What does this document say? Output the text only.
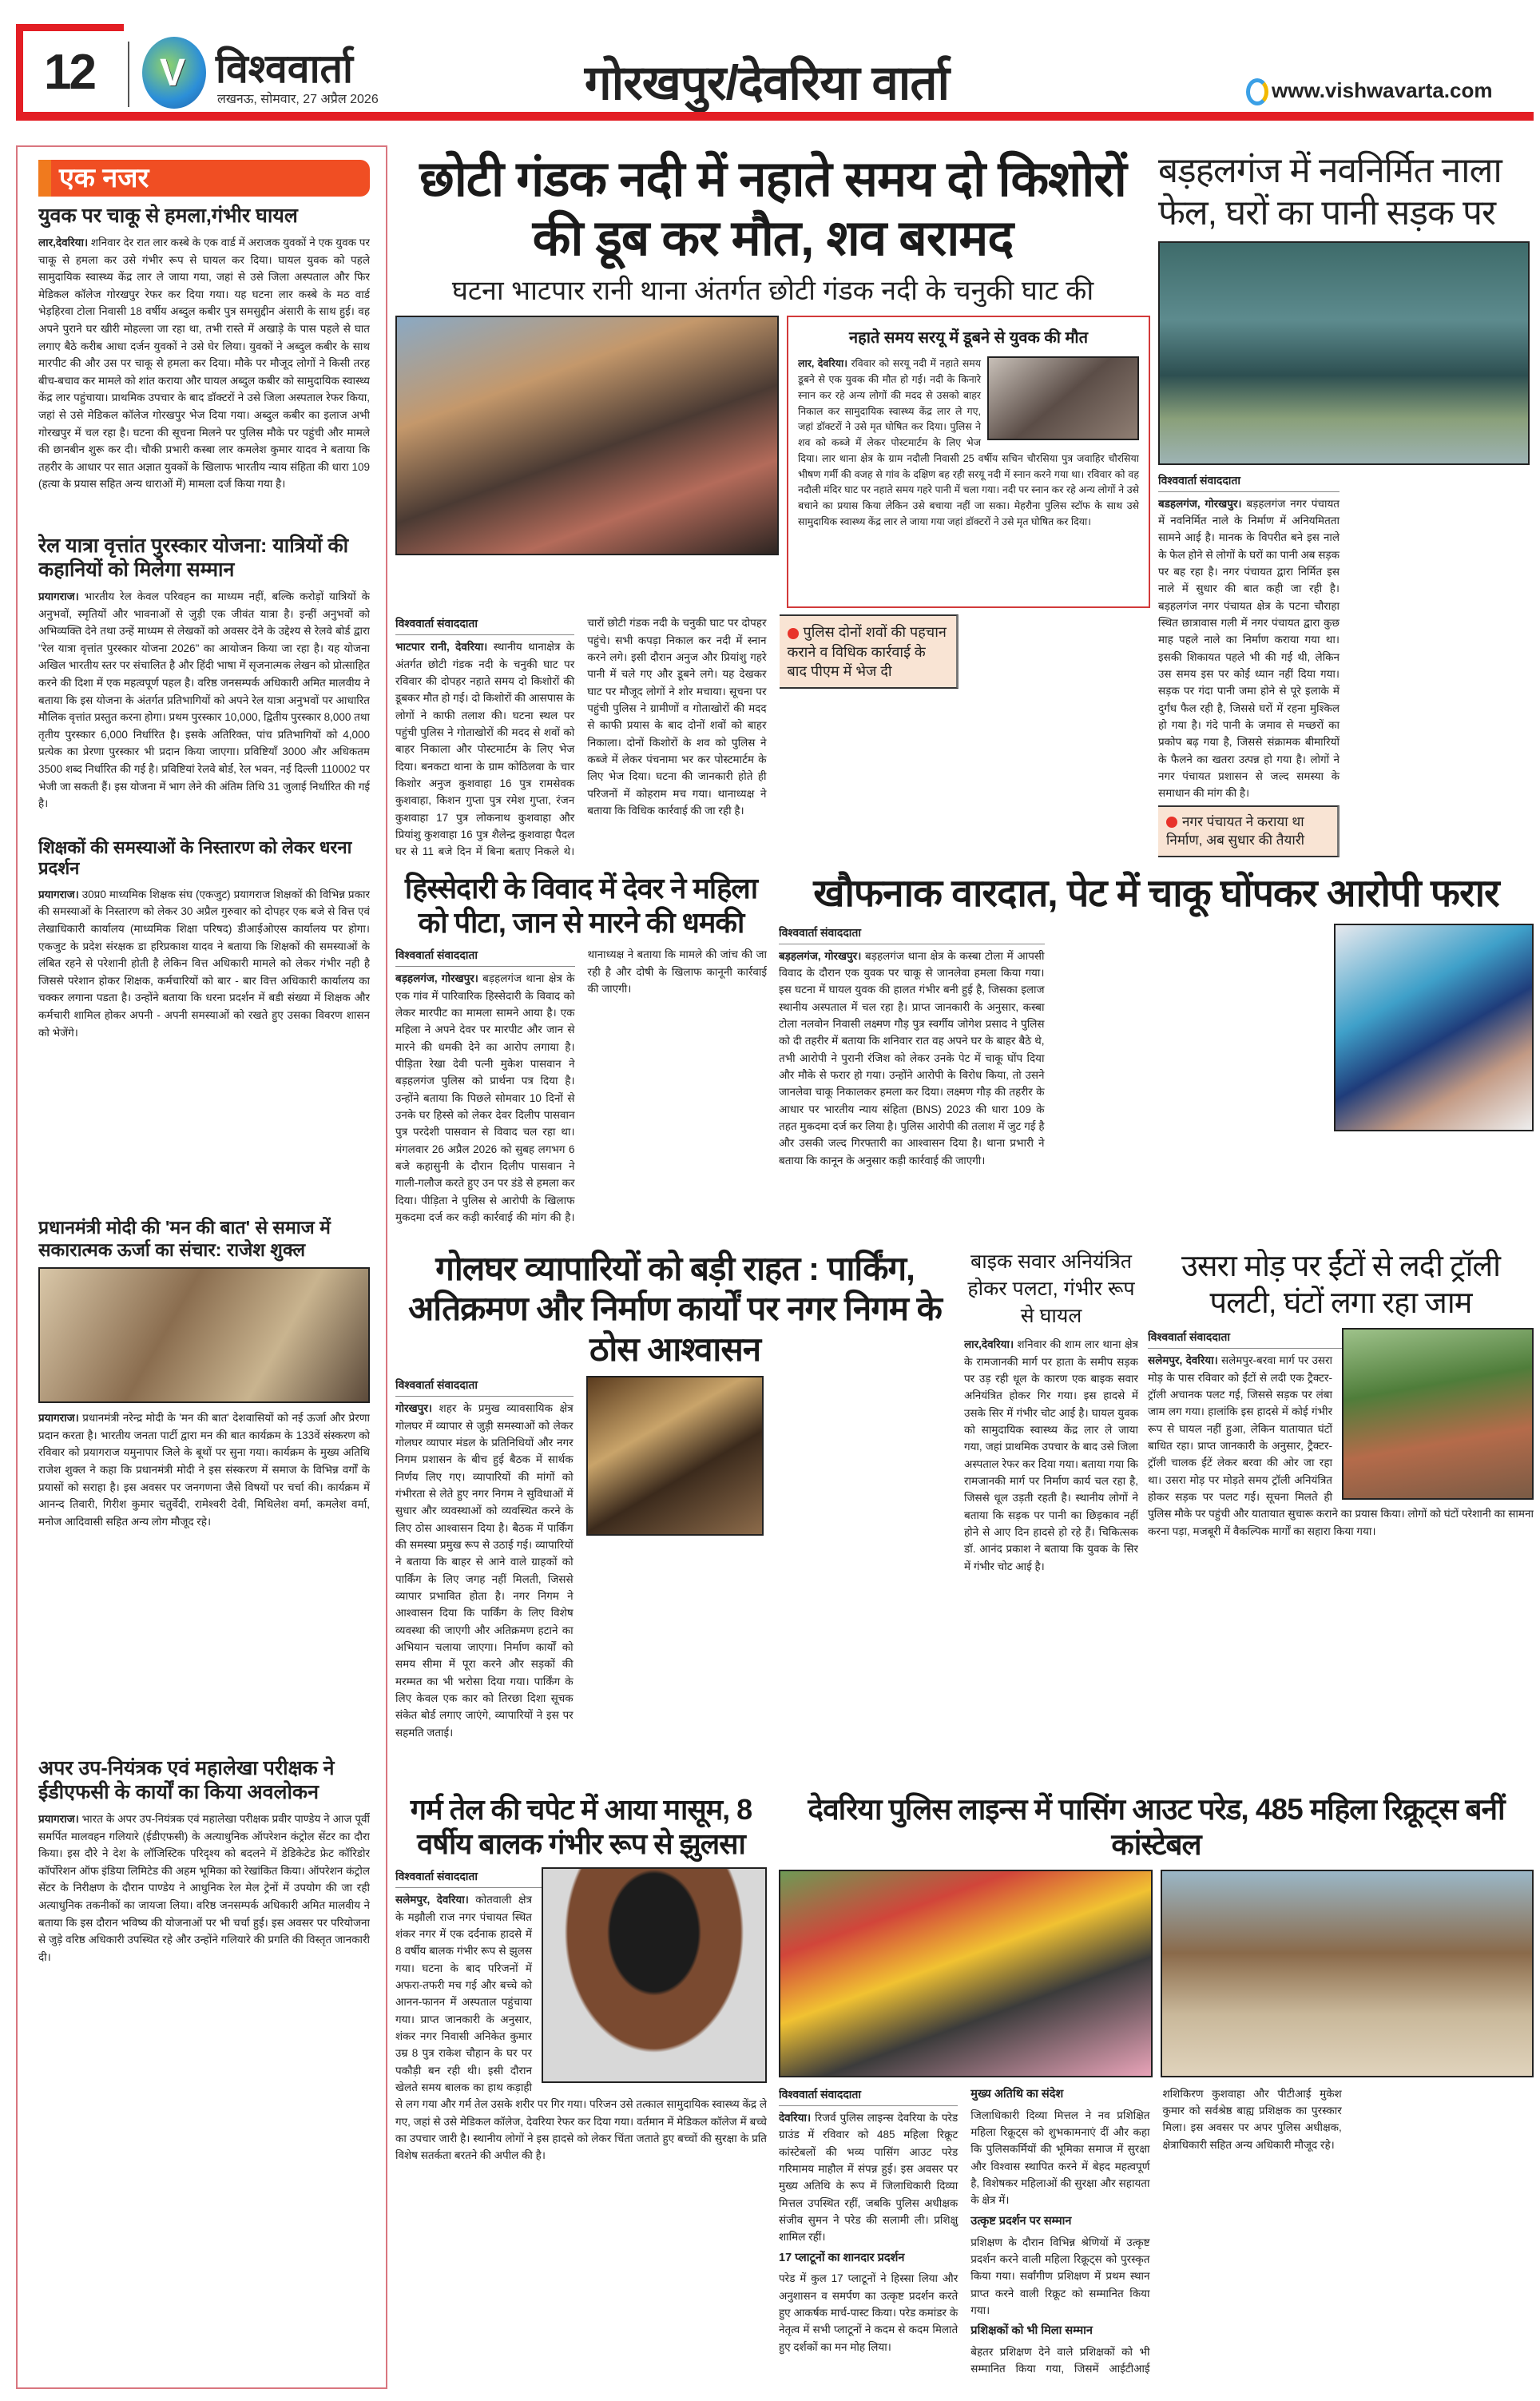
12 V विश्ववार्ता
लखनऊ, सोमवार, 27 अप्रैल 2026	गोरखपुर/देवरिया वार्ता	www.vishwavarta.com
एक नजर
युवक पर चाकू से हमला,गंभीर घायल
लार,देवरिया। शनिवार देर रात लार कस्बे के एक वार्ड में अराजक युवकों ने एक युवक पर चाकू से हमला कर उसे गंभीर रूप से घायल कर दिया। घायल युवक को पहले सामुदायिक स्वास्थ्य केंद्र लार ले जाया गया, जहां से उसे जिला अस्पताल और फिर मेडिकल कॉलेज गोरखपुर रेफर कर दिया गया। यह घटना लार कस्बे के मठ वार्ड भेड़हिरवा टोला निवासी 18 वर्षीय अब्दुल कबीर पुत्र समसुद्दीन अंसारी के साथ हुई। वह अपने पुराने घर खीरी मोहल्ला जा रहा था, तभी रास्ते में अखाड़े के पास पहले से घात लगाए बैठे करीब आधा दर्जन युवकों ने उसे घेर लिया। युवकों ने अब्दुल कबीर के साथ मारपीट की और उस पर चाकू से हमला कर दिया। मौके पर मौजूद लोगों ने किसी तरह बीच-बचाव कर मामले को शांत कराया और घायल अब्दुल कबीर को सामुदायिक स्वास्थ्य केंद्र लार पहुंचाया। प्राथमिक उपचार के बाद डॉक्टरों ने उसे जिला अस्पताल रेफर किया, जहां से उसे मेडिकल कॉलेज गोरखपुर भेज दिया गया। अब्दुल कबीर का इलाज अभी गोरखपुर में चल रहा है। घटना की सूचना मिलने पर पुलिस मौके पर पहुंची और मामले की छानबीन शुरू कर दी। चौकी प्रभारी कस्बा लार कमलेश कुमार यादव ने बताया कि तहरीर के आधार पर सात अज्ञात युवकों के खिलाफ भारतीय न्याय संहिता की धारा 109 (हत्या के प्रयास सहित अन्य धाराओं में) मामला दर्ज किया गया है।
रेल यात्रा वृत्तांत पुरस्कार योजना: यात्रियों की कहानियों को मिलेगा सम्मान
प्रयागराज। भारतीय रेल केवल परिवहन का माध्यम नहीं, बल्कि करोड़ों यात्रियों के अनुभवों, स्मृतियों और भावनाओं से जुड़ी एक जीवंत यात्रा है। इन्हीं अनुभवों को अभिव्यक्ति देने तथा उन्हें माध्यम से लेखकों को अवसर देने के उद्देश्य से रेलवे बोर्ड द्वारा "रेल यात्रा वृत्तांत पुरस्कार योजना 2026" का आयोजन किया जा रहा है। यह योजना अखिल भारतीय स्तर पर संचालित है और हिंदी भाषा में सृजनात्मक लेखन को प्रोत्साहित करने की दिशा में एक महत्वपूर्ण पहल है। वरिष्ठ जनसम्पर्क अधिकारी अमित मालवीय ने बताया कि इस योजना के अंतर्गत प्रतिभागियों को अपने रेल यात्रा अनुभवों पर आधारित मौलिक वृत्तांत प्रस्तुत करना होगा। प्रथम पुरस्कार 10,000, द्वितीय पुरस्कार 8,000 तथा तृतीय पुरस्कार 6,000 निर्धारित है। इसके अतिरिक्त, पांच प्रतिभागियों को 4,000 प्रत्येक का प्रेरणा पुरस्कार भी प्रदान किया जाएगा। प्रविष्टियाँ 3000 और अधिकतम 3500 शब्द निर्धारित की गई है। प्रविष्टियां रेलवे बोर्ड, रेल भवन, नई दिल्ली 110002 पर भेजी जा सकती हैं। इस योजना में भाग लेने की अंतिम तिथि 31 जुलाई निर्धारित की गई है।
शिक्षकों की समस्याओं के निस्तारण को लेकर धरना प्रदर्शन
प्रयागराज। उ0प्र0 माध्यमिक शिक्षक संघ (एकजुट) प्रयागराज शिक्षकों की विभिन्न प्रकार की समस्याओं के निस्तारण को लेकर 30 अप्रैल गुरुवार को दोपहर एक बजे से वित्त एवं लेखाधिकारी कार्यालय (माध्यमिक शिक्षा परिषद) डीआईओएस कार्यालय पर होगा। एकजुट के प्रदेश संरक्षक डा हरिप्रकाश यादव ने बताया कि शिक्षकों की समस्याओं के लंबित रहने से परेशानी होती है लेकिन वित्त अधिकारी मामले को लेकर गंभीर नही है जिससे परेशान होकर शिक्षक, कर्मचारियों को बार - बार वित्त अधिकारी कार्यालय का चक्कर लगाना पडता है। उन्होंने बताया कि धरना प्रदर्शन में बडी संख्या में शिक्षक और कर्मचारी शामिल होकर अपनी - अपनी समस्याओं को रखते हुए उसका विवरण शासन को भेजेंगे।
प्रधानमंत्री मोदी की 'मन की बात' से समाज में सकारात्मक ऊर्जा का संचार: राजेश शुक्ल
प्रयागराज। प्रधानमंत्री नरेन्द्र मोदी के 'मन की बात' देशवासियों को नई ऊर्जा और प्रेरणा प्रदान करता है। भारतीय जनता पार्टी द्वारा मन की बात कार्यक्रम के 133वें संस्करण को रविवार को प्रयागराज यमुनापार जिले के बूथों पर सुना गया। कार्यक्रम के मुख्य अतिथि राजेश शुक्ल ने कहा कि प्रधानमंत्री मोदी ने इस संस्करण में समाज के विभिन्न वर्गों के प्रयासों को सराहा है। इस अवसर पर जनगणना जैसे विषयों पर चर्चा की। कार्यक्रम में आनन्द तिवारी, गिरीश कुमार चतुर्वेदी, रामेश्वरी देवी, मिथिलेश वर्मा, कमलेश वर्मा, मनोज आदिवासी सहित अन्य लोग मौजूद रहे।
अपर उप-नियंत्रक एवं महालेखा परीक्षक ने ईडीएफसी के कार्यों का किया अवलोकन
प्रयागराज। भारत के अपर उप-नियंत्रक एवं महालेखा परीक्षक प्रवीर पाण्डेय ने आज पूर्वी समर्पित मालवहन गलियारे (ईडीएफसी) के अत्याधुनिक ऑपरेशन कंट्रोल सेंटर का दौरा किया। इस दौरे ने देश के लॉजिस्टिक परिदृश्य को बदलने में डेडिकेटेड फ्रेट कॉरिडोर कॉर्पोरेशन ऑफ इंडिया लिमिटेड की अहम भूमिका को रेखांकित किया। ऑपरेशन कंट्रोल सेंटर के निरीक्षण के दौरान पाण्डेय ने आधुनिक रेल मेल ट्रेनों में उपयोग की जा रही अत्याधुनिक तकनीकों का जायजा लिया। वरिष्ठ जनसम्पर्क अधिकारी अमित मालवीय ने बताया कि इस दौरान भविष्य की योजनाओं पर भी चर्चा हुई। इस अवसर पर परियोजना से जुड़े वरिष्ठ अधिकारी उपस्थित रहे और उन्होंने गलियारे की प्रगति की विस्तृत जानकारी दी।
छोटी गंडक नदी में नहाते समय दो किशोरों की डूब कर मौत, शव बरामद
घटना भाटपार रानी थाना अंतर्गत छोटी गंडक नदी के चनुकी घाट की
नहाते समय सरयू में डूबने से युवक की मौत
लार, देवरिया। रविवार को सरयू नदी में नहाते समय डूबने से एक युवक की मौत हो गई। नदी के किनारे स्नान कर रहे अन्य लोगों की मदद से उसको बाहर निकाल कर सामुदायिक स्वास्थ्य केंद्र लार ले गए, जहां डॉक्टरों ने उसे मृत घोषित कर दिया। पुलिस ने शव को कब्जे में लेकर पोस्टमार्टम के लिए भेज दिया। लार थाना क्षेत्र के ग्राम नदौली निवासी 25 वर्षीय सचिन चौरसिया पुत्र जवाहिर चौरसिया भीषण गर्मी की वजह से गांव के दक्षिण बह रही सरयू नदी में स्नान करने गया था। रविवार को वह नदौली मंदिर घाट पर नहाते समय गहरे पानी में चला गया। नदी पर स्नान कर रहे अन्य लोगों ने उसे बचाने का प्रयास किया लेकिन उसे बचाया नहीं जा सका। मेहरौना पुलिस स्टॉफ के साथ उसे सामुदायिक स्वास्थ्य केंद्र लार ले जाया गया जहां डॉक्टरों ने उसे मृत घोषित कर दिया।
विश्ववार्ता संवाददाता
भाटपार रानी, देवरिया। स्थानीय थानाक्षेत्र के अंतर्गत छोटी गंडक नदी के चनुकी घाट पर रविवार की दोपहर नहाते समय दो किशोरों की डूबकर मौत हो गई। दो किशोरों की आसपास के लोगों ने काफी तलाश की। घटना स्थल पर पहुंची पुलिस ने गोताखोरों की मदद से शवों को बाहर निकाला और पोस्टमार्टम के लिए भेज दिया। बनकटा थाना के ग्राम कोठिलवा के चार किशोर अनुज कुशवाहा 16 पुत्र रामसेवक कुशवाहा, किशन गुप्ता पुत्र रमेश गुप्ता, रंजन कुशवाहा 17 पुत्र लोकनाथ कुशवाहा और प्रियांशु कुशवाहा 16 पुत्र शैलेन्द्र कुशवाहा पैदल घर से 11 बजे दिन में बिना बताए निकले थे। चारों छोटी गंडक नदी के चनुकी घाट पर दोपहर पहुंचे। सभी कपड़ा निकाल कर नदी में स्नान करने लगे। इसी दौरान अनुज और प्रियांशु गहरे पानी में चले गए और डूबने लगे। यह देखकर घाट पर मौजूद लोगों ने शोर मचाया। सूचना पर पहुंची पुलिस ने ग्रामीणों व गोताखोरों की मदद से काफी प्रयास के बाद दोनों शवों को बाहर निकाला। दोनों किशोरों के शव को पुलिस ने कब्जे में लेकर पंचनामा भर कर पोस्टमार्टम के लिए भेज दिया। घटना की जानकारी होते ही परिजनों में कोहराम मच गया। थानाध्यक्ष ने बताया कि विधिक कार्रवाई की जा रही है।
पुलिस दोनों शवों की पहचान कराने व विधिक कार्रवाई के बाद पीएम में भेज दी
बड़हलगंज में नवनिर्मित नाला फेल, घरों का पानी सड़क पर
विश्ववार्ता संवाददाता
बडहलगंज, गोरखपुर। बड़हलगंज नगर पंचायत में नवनिर्मित नाले के निर्माण में अनियमितता सामने आई है। मानक के विपरीत बने इस नाले के फेल होने से लोगों के घरों का पानी अब सड़क पर बह रहा है। नगर पंचायत द्वारा निर्मित इस नाले में सुधार की बात कही जा रही है। बड़हलगंज नगर पंचायत क्षेत्र के पटना चौराहा स्थित छात्रावास गली में नगर पंचायत द्वारा कुछ माह पहले नाले का निर्माण कराया गया था। इसकी शिकायत पहले भी की गई थी, लेकिन उस समय इस पर कोई ध्यान नहीं दिया गया। सड़क पर गंदा पानी जमा होने से पूरे इलाके में दुर्गंध फैल रही है, जिससे घरों में रहना मुश्किल हो गया है। गंदे पानी के जमाव से मच्छरों का प्रकोप बढ़ गया है, जिससे संक्रामक बीमारियों के फैलने का खतरा उत्पन्न हो गया है। लोगों ने नगर पंचायत प्रशासन से जल्द समस्या के समाधान की मांग की है।
नगर पंचायत ने कराया था निर्माण, अब सुधार की तैयारी
हिस्सेदारी के विवाद में देवर ने महिला को पीटा, जान से मारने की धमकी
विश्ववार्ता संवाददाता
बड़हलगंज, गोरखपुर। बड़हलगंज थाना क्षेत्र के एक गांव में पारिवारिक हिस्सेदारी के विवाद को लेकर मारपीट का मामला सामने आया है। एक महिला ने अपने देवर पर मारपीट और जान से मारने की धमकी देने का आरोप लगाया है। पीड़िता रेखा देवी पत्नी मुकेश पासवान ने बड़हलगंज पुलिस को प्रार्थना पत्र दिया है। उन्होंने बताया कि पिछले सोमवार 10 दिनों से उनके घर हिस्से को लेकर देवर दिलीप पासवान पुत्र परदेशी पासवान से विवाद चल रहा था। मंगलवार 26 अप्रैल 2026 को सुबह लगभग 6 बजे कहासुनी के दौरान दिलीप पासवान ने गाली-गलौज करते हुए उन पर डंडे से हमला कर दिया। पीड़िता ने पुलिस से आरोपी के खिलाफ मुकदमा दर्ज कर कड़ी कार्रवाई की मांग की है। थानाध्यक्ष ने बताया कि मामले की जांच की जा रही है और दोषी के खिलाफ कानूनी कार्रवाई की जाएगी।
खौफनाक वारदात, पेट में चाकू घोंपकर आरोपी फरार
विश्ववार्ता संवाददाता
बड़हलगंज, गोरखपुर। बड़हलगंज थाना क्षेत्र के कस्बा टोला में आपसी विवाद के दौरान एक युवक पर चाकू से जानलेवा हमला किया गया। इस घटना में घायल युवक की हालत गंभीर बनी हुई है, जिसका इलाज स्थानीय अस्पताल में चल रहा है। प्राप्त जानकारी के अनुसार, कस्बा टोला नलवोन निवासी लक्ष्मण गौड़ पुत्र स्वर्गीय जोगेश प्रसाद ने पुलिस को दी तहरीर में बताया कि शनिवार रात वह अपने घर के बाहर बैठे थे, तभी आरोपी ने पुरानी रंजिश को लेकर उनके पेट में चाकू घोंप दिया और मौके से फरार हो गया। उन्होंने आरोपी के विरोध किया, तो उसने जानलेवा चाकू निकालकर हमला कर दिया। लक्ष्मण गौड़ की तहरीर के आधार पर भारतीय न्याय संहिता (BNS) 2023 की धारा 109 के तहत मुकदमा दर्ज कर लिया है। पुलिस आरोपी की तलाश में जुट गई है और उसकी जल्द गिरफ्तारी का आश्वासन दिया है। थाना प्रभारी ने बताया कि कानून के अनुसार कड़ी कार्रवाई की जाएगी।
गोलघर व्यापारियों को बड़ी राहत : पार्किंग, अतिक्रमण और निर्माण कार्यों पर नगर निगम के ठोस आश्वासन
विश्ववार्ता संवाददाता
गोरखपुर। शहर के प्रमुख व्यावसायिक क्षेत्र गोलघर में व्यापार से जुड़ी समस्याओं को लेकर गोलघर व्यापार मंडल के प्रतिनिधियों और नगर निगम प्रशासन के बीच हुई बैठक में सार्थक निर्णय लिए गए। व्यापारियों की मांगों को गंभीरता से लेते हुए नगर निगम ने सुविधाओं में सुधार और व्यवस्थाओं को व्यवस्थित करने के लिए ठोस आश्वासन दिया है। बैठक में पार्किंग की समस्या प्रमुख रूप से उठाई गई। व्यापारियों ने बताया कि बाहर से आने वाले ग्राहकों को पार्किंग के लिए जगह नहीं मिलती, जिससे व्यापार प्रभावित होता है। नगर निगम ने आश्वासन दिया कि पार्किंग के लिए विशेष व्यवस्था की जाएगी और अतिक्रमण हटाने का अभियान चलाया जाएगा। निर्माण कार्यों को समय सीमा में पूरा करने और सड़कों की मरम्मत का भी भरोसा दिया गया। पार्किंग के लिए केवल एक कार को तिरछा दिशा सूचक संकेत बोर्ड लगाए जाएंगे, व्यापारियों ने इस पर सहमति जताई।
बाइक सवार अनियंत्रित होकर पलटा, गंभीर रूप से घायल
लार,देवरिया। शनिवार की शाम लार थाना क्षेत्र के रामजानकी मार्ग पर हाता के समीप सड़क पर उड़ रही धूल के कारण एक बाइक सवार अनियंत्रित होकर गिर गया। इस हादसे में उसके सिर में गंभीर चोट आई है। घायल युवक को सामुदायिक स्वास्थ्य केंद्र लार ले जाया गया, जहां प्राथमिक उपचार के बाद उसे जिला अस्पताल रेफर कर दिया गया। बताया गया कि रामजानकी मार्ग पर निर्माण कार्य चल रहा है, जिससे धूल उड़ती रहती है। स्थानीय लोगों ने बताया कि सड़क पर पानी का छिड़काव नहीं होने से आए दिन हादसे हो रहे हैं। चिकित्सक डॉ. आनंद प्रकाश ने बताया कि युवक के सिर में गंभीर चोट आई है।
उसरा मोड़ पर ईंटों से लदी ट्रॉली पलटी, घंटों लगा रहा जाम
विश्ववार्ता संवाददाता
सलेमपुर, देवरिया। सलेमपुर-बरवा मार्ग पर उसरा मोड़ के पास रविवार को ईंटों से लदी एक ट्रैक्टर-ट्रॉली अचानक पलट गई, जिससे सड़क पर लंबा जाम लग गया। हालांकि इस हादसे में कोई गंभीर रूप से घायल नहीं हुआ, लेकिन यातायात घंटों बाधित रहा। प्राप्त जानकारी के अनुसार, ट्रैक्टर-ट्रॉली चालक ईंटें लेकर बरवा की ओर जा रहा था। उसरा मोड़ पर मोड़ते समय ट्रॉली अनियंत्रित होकर सड़क पर पलट गई। सूचना मिलते ही पुलिस मौके पर पहुंची और यातायात सुचारू कराने का प्रयास किया। लोगों को घंटों परेशानी का सामना करना पड़ा, मजबूरी में वैकल्पिक मार्गों का सहारा किया गया।
गर्म तेल की चपेट में आया मासूम, 8 वर्षीय बालक गंभीर रूप से झुलसा
विश्ववार्ता संवाददाता
सलेमपुर, देवरिया। कोतवाली क्षेत्र के मझौली राज नगर पंचायत स्थित शंकर नगर में एक दर्दनाक हादसे में 8 वर्षीय बालक गंभीर रूप से झुलस गया। घटना के बाद परिजनों में अफरा-तफरी मच गई और बच्चे को आनन-फानन में अस्पताल पहुंचाया गया। प्राप्त जानकारी के अनुसार, शंकर नगर निवासी अनिकेत कुमार उम्र 8 पुत्र राकेश चौहान के घर पर पकौड़ी बन रही थी। इसी दौरान खेलते समय बालक का हाथ कड़ाही से लग गया और गर्म तेल उसके शरीर पर गिर गया। परिजन उसे तत्काल सामुदायिक स्वास्थ्य केंद्र ले गए, जहां से उसे मेडिकल कॉलेज, देवरिया रेफर कर दिया गया। वर्तमान में मेडिकल कॉलेज में बच्चे का उपचार जारी है। स्थानीय लोगों ने इस हादसे को लेकर चिंता जताते हुए बच्चों की सुरक्षा के प्रति विशेष सतर्कता बरतने की अपील की है।
देवरिया पुलिस लाइन्स में पासिंग आउट परेड, 485 महिला रिक्रूट्स बनीं कांस्टेबल
विश्ववार्ता संवाददाता
देवरिया। रिजर्व पुलिस लाइन्स देवरिया के परेड ग्राउंड में रविवार को 485 महिला रिक्रूट कांस्टेबलों की भव्य पासिंग आउट परेड गरिमामय माहौल में संपन्न हुई। इस अवसर पर मुख्य अतिथि के रूप में जिलाधिकारी दिव्या मित्तल उपस्थित रहीं, जबकि पुलिस अधीक्षक संजीव सुमन ने परेड की सलामी ली। प्रशिक्षु शामिल रहीं।
17 प्लाटूनों का शानदार प्रदर्शन
परेड में कुल 17 प्लाटूनों ने हिस्सा लिया और अनुशासन व समर्पण का उत्कृष्ट प्रदर्शन करते हुए आकर्षक मार्च-पास्ट किया। परेड कमांडर के नेतृत्व में सभी प्लाटूनों ने कदम से कदम मिलाते हुए दर्शकों का मन मोह लिया।
मुख्य अतिथि का संदेश
जिलाधिकारी दिव्या मित्तल ने नव प्रशिक्षित महिला रिक्रूट्स को शुभकामनाएं दीं और कहा कि पुलिसकर्मियों की भूमिका समाज में सुरक्षा और विश्वास स्थापित करने में बेहद महत्वपूर्ण है, विशेषकर महिलाओं की सुरक्षा और सहायता के क्षेत्र में।
उत्कृष्ट प्रदर्शन पर सम्मान
प्रशिक्षण के दौरान विभिन्न श्रेणियों में उत्कृष्ट प्रदर्शन करने वाली महिला रिक्रूट्स को पुरस्कृत किया गया। सर्वांगीण प्रशिक्षण में प्रथम स्थान प्राप्त करने वाली रिक्रूट को सम्मानित किया गया।
प्रशिक्षकों को भी मिला सम्मान
बेहतर प्रशिक्षण देने वाले प्रशिक्षकों को भी सम्मानित किया गया, जिसमें आईटीआई शशिकिरण कुशवाहा और पीटीआई मुकेश कुमार को सर्वश्रेष्ठ बाह्य प्रशिक्षक का पुरस्कार मिला। इस अवसर पर अपर पुलिस अधीक्षक, क्षेत्राधिकारी सहित अन्य अधिकारी मौजूद रहे।
